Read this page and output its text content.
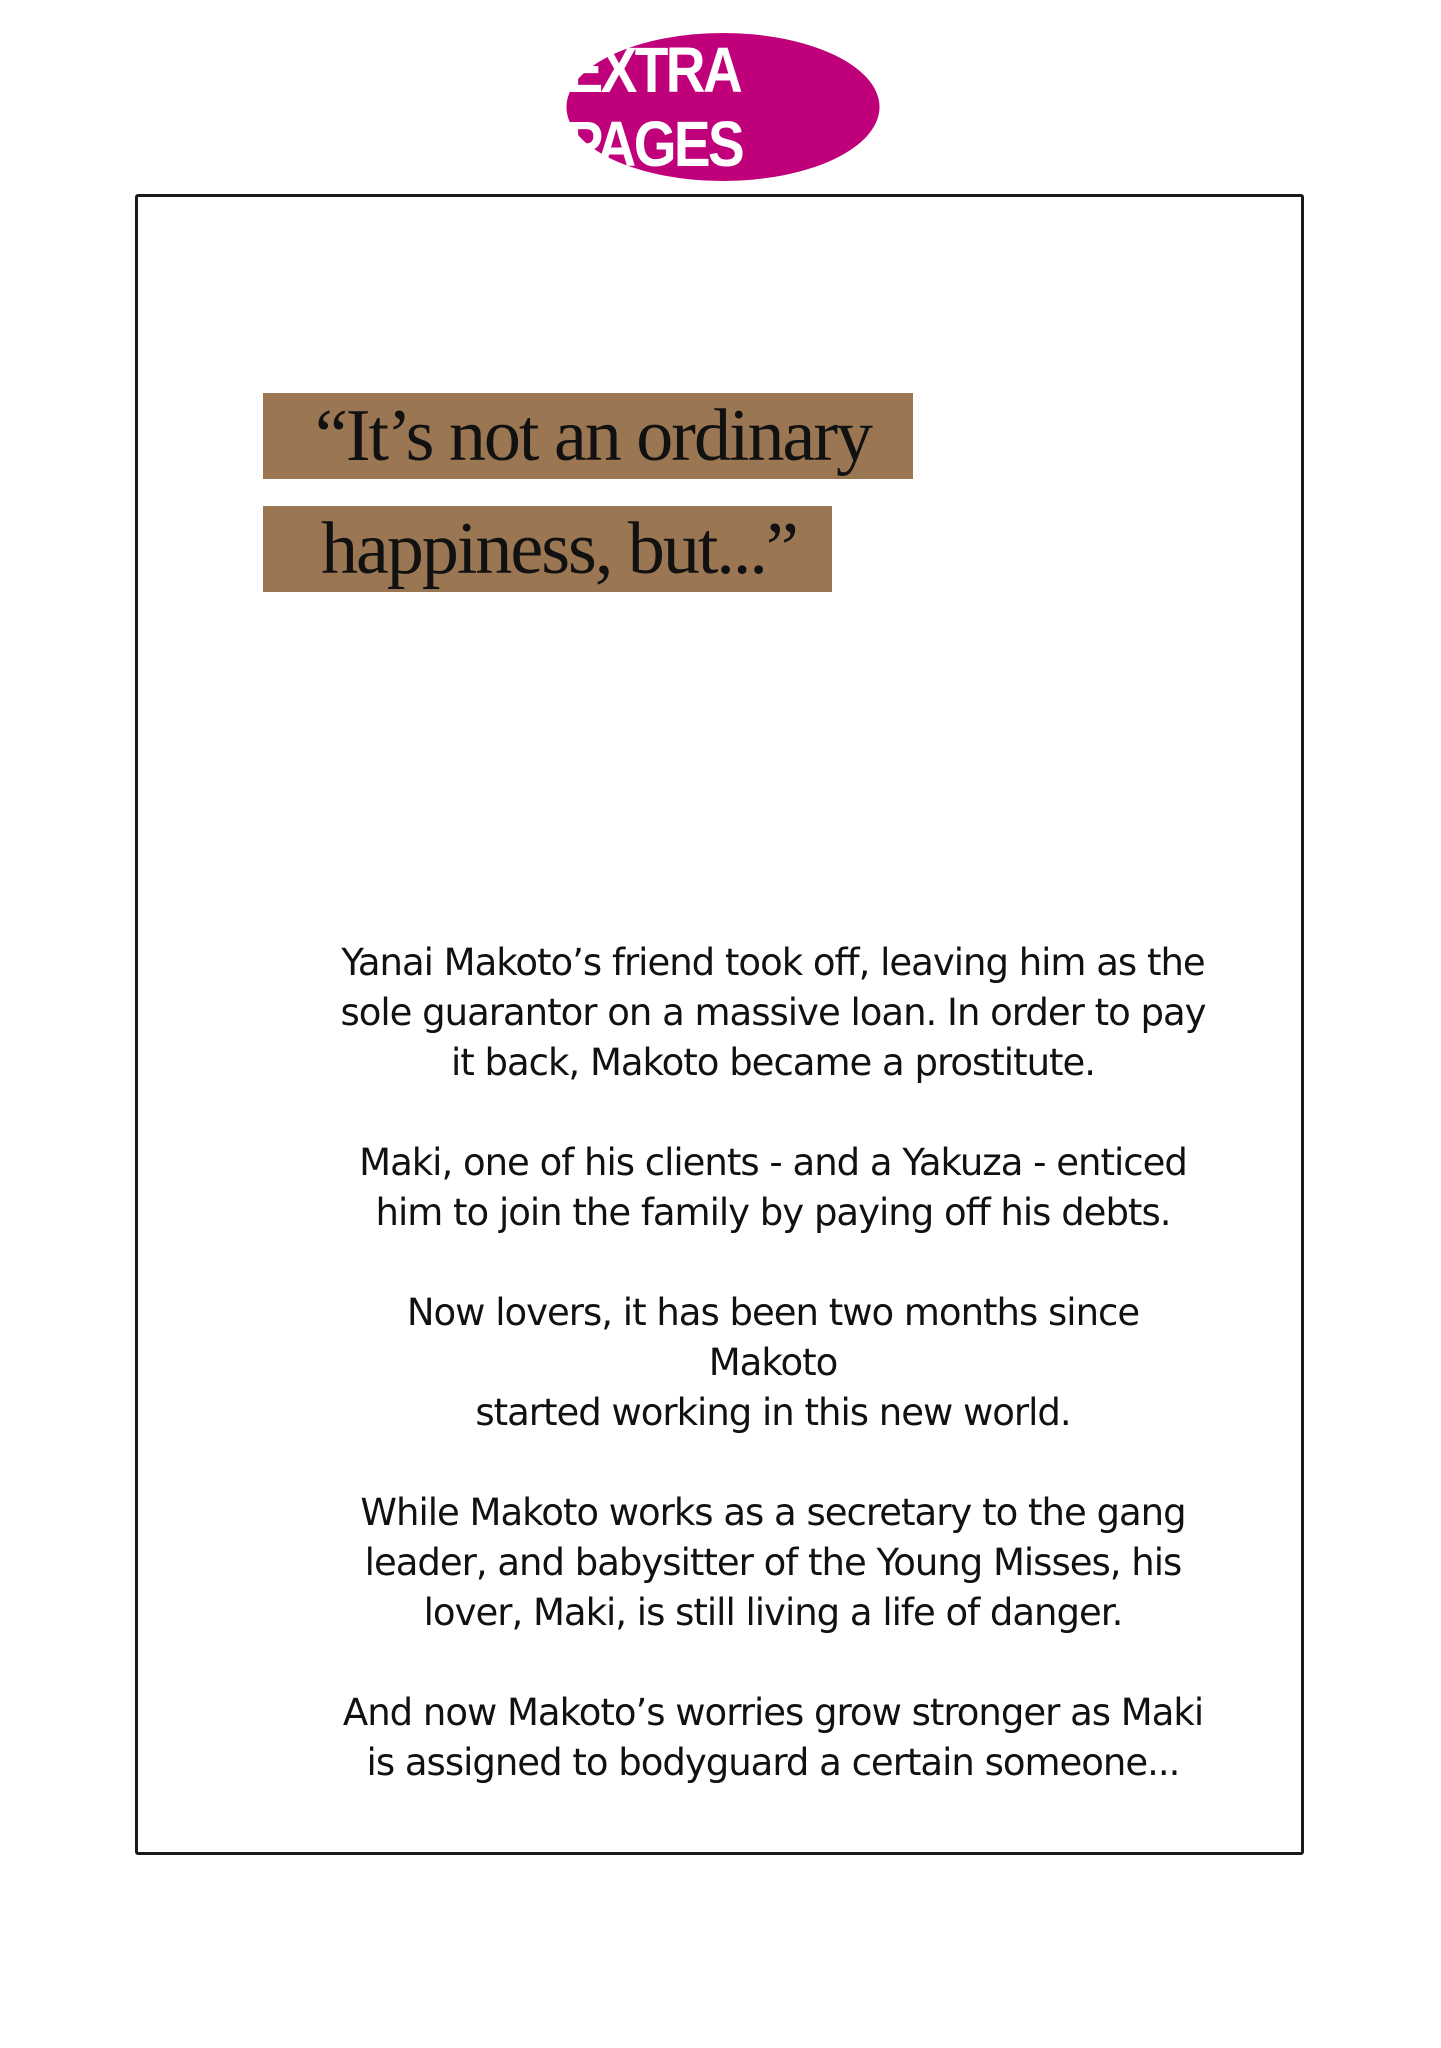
EXTRA PAGES
“It’s not an ordinary
happiness, but...”

Yanai Makoto’s friend took off, leaving him as the
sole guarantor on a massive loan. In order to pay
it back, Makoto became a prostitute.

Maki, one of his clients - and a Yakuza - enticed
him to join the family by paying off his debts.

Now lovers, it has been two months since Makoto
started working in this new world.

While Makoto works as a secretary to the gang
leader, and babysitter of the Young Misses, his
lover, Maki, is still living a life of danger.

And now Makoto’s worries grow stronger as Maki
is assigned to bodyguard a certain someone...
